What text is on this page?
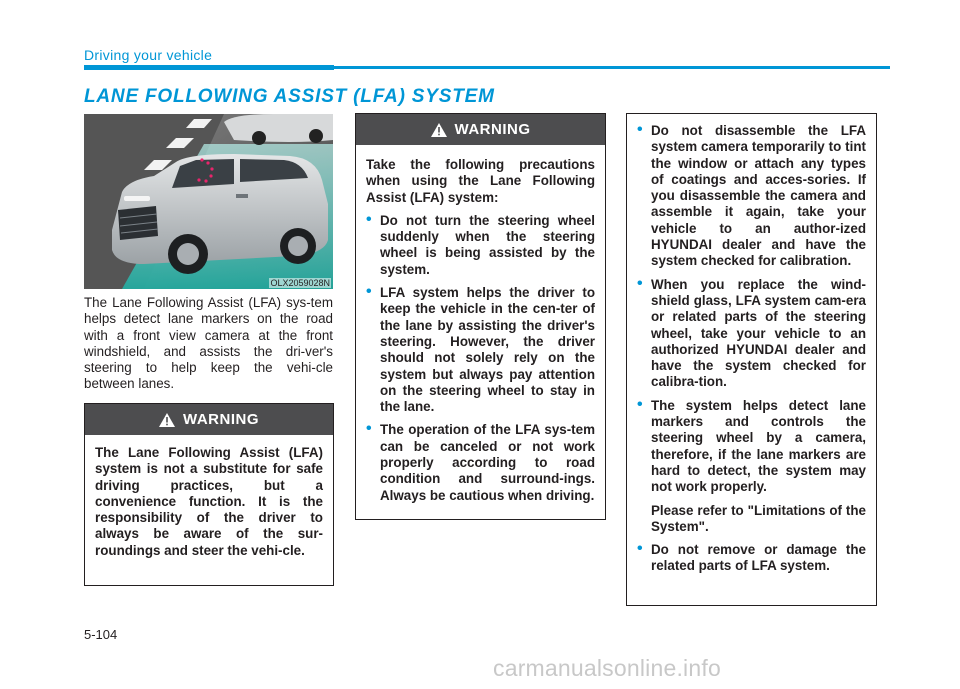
Driving your vehicle
LANE FOLLOWING ASSIST (LFA) SYSTEM
OLX2059028N
The Lane Following Assist (LFA) sys-tem helps detect lane markers on the road with a front view camera at the front windshield, and assists the dri-ver's steering to help keep the vehi-cle between lanes.
WARNING

The Lane Following Assist (LFA) system is not a substitute for safe driving practices, but a convenience function. It is the responsibility of the driver to always be aware of the sur-roundings and steer the vehi-cle.

WARNING

Take the following precautions when using the Lane Following Assist (LFA) system:

• Do not turn the steering wheel suddenly when the steering wheel is being assisted by the system.
• LFA system helps the driver to keep the vehicle in the cen-ter of the lane by assisting the driver's steering. However, the driver should not solely rely on the system but always pay attention on the steering wheel to stay in the lane.
• The operation of the LFA sys-tem can be canceled or not work properly according to road condition and surround-ings. Always be cautious when driving.
• Do not disassemble the LFA system camera temporarily to tint the window or attach any types of coatings and acces-sories. If you disassemble the camera and assemble it again, take your vehicle to an author-ized HYUNDAI dealer and have the system checked for calibration.
• When you replace the wind-shield glass, LFA system cam-era or related parts of the steering wheel, take your vehicle to an authorized HYUNDAI dealer and have the system checked for calibra-tion.
• The system helps detect lane markers and controls the steering wheel by a camera, therefore, if the lane markers are hard to detect, the system may not work properly.

Please refer to "Limitations of the System".

• Do not remove or damage the related parts of LFA system.
5-104
carmanualsonline.info
